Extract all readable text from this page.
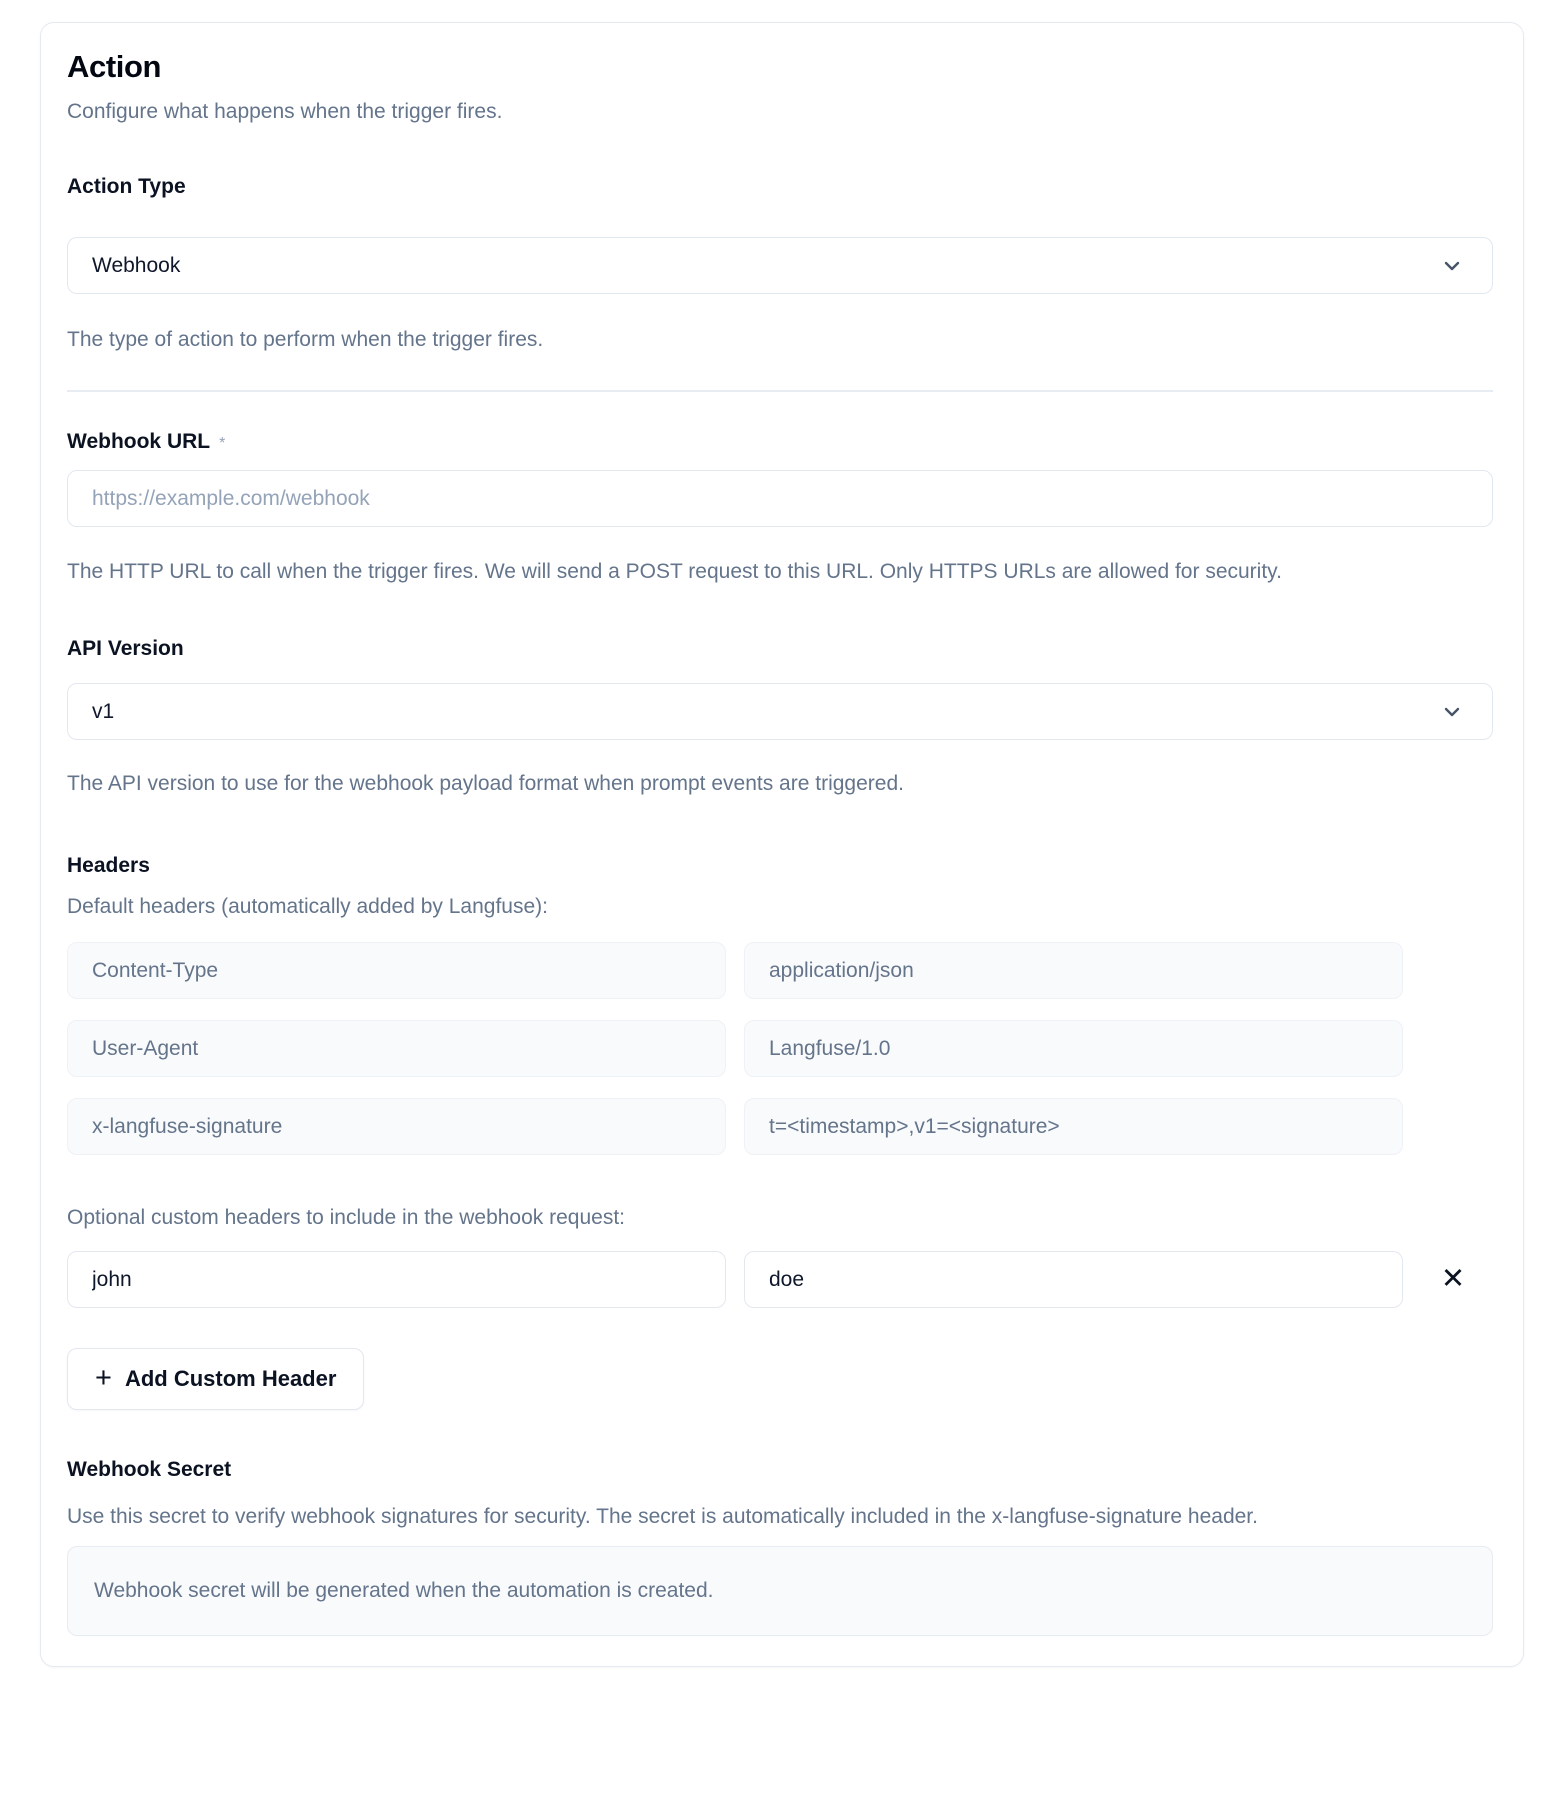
Action

Configure what happens when the trigger fires.

Action Type
Webhook

The type of action to perform when the trigger fires.

Webhook URL *
https://example.com/webhook

The HTTP URL to call when the trigger fires. We will send a POST request to this URL. Only HTTPS URLs are allowed for security.

API Version
v1

The API version to use for the webhook payload format when prompt events are triggered.

Headers

Default headers (automatically added by Langfuse):

Content-Type
application/json
User-Agent
Langfuse/1.0
x-langfuse-signature
t=<timestamp>,v1=<signature>

Optional custom headers to include in the webhook request:

john
doe
✕
+ Add Custom Header
Webhook Secret

Use this secret to verify webhook signatures for security. The secret is automatically included in the x-langfuse-signature header.

Webhook secret will be generated when the automation is created.
